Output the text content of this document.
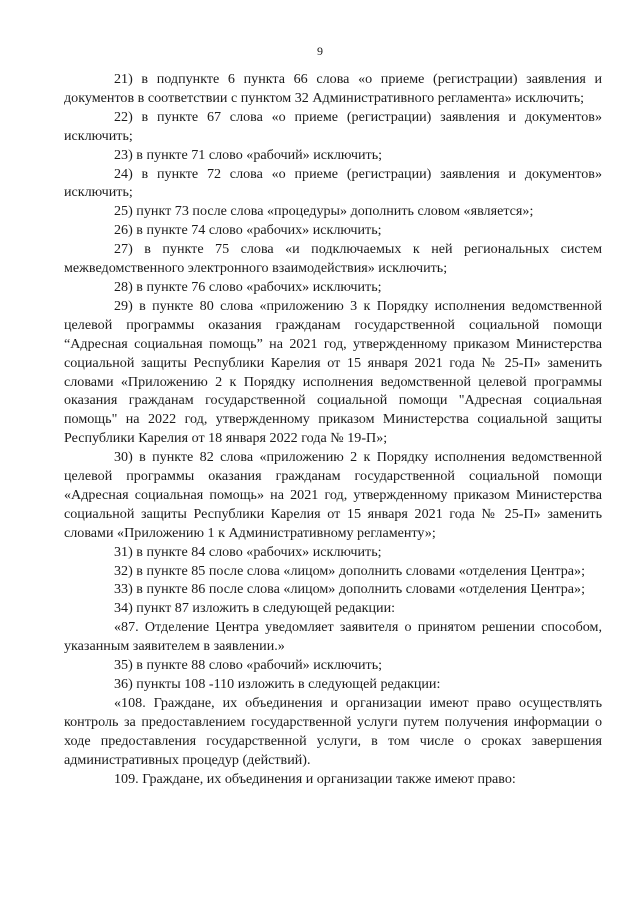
9

21) в подпункте 6 пункта 66 слова «о приеме (регистрации) заявления и документов в соответствии с пунктом 32 Административного регламента» исключить;

22) в пункте 67 слова «о приеме (регистрации) заявления и документов» исключить;

23) в пункте 71 слово «рабочий» исключить;

24) в пункте 72 слова «о приеме (регистрации) заявления и документов» исключить;

25) пункт 73 после слова «процедуры» дополнить словом «является»;

26) в пункте 74 слово «рабочих» исключить;

27) в пункте 75 слова «и подключаемых к ней региональных систем межведомственного электронного взаимодействия» исключить;

28) в пункте 76 слово «рабочих» исключить;

29) в пункте 80 слова «приложению 3 к Порядку исполнения ведомственной целевой программы оказания гражданам государственной социальной помощи “Адресная социальная помощь” на 2021 год, утвержденному приказом Министерства социальной защиты Республики Карелия от 15 января 2021 года № 25-П» заменить словами «Приложению 2 к Порядку исполнения ведомственной целевой программы оказания гражданам государственной социальной помощи "Адресная социальная помощь" на 2022 год, утвержденному приказом Министерства социальной защиты Республики Карелия от 18 января 2022 года № 19-П»;

30) в пункте 82 слова «приложению 2 к Порядку исполнения ведомственной целевой программы оказания гражданам государственной социальной помощи «Адресная социальная помощь» на 2021 год, утвержденному приказом Министерства социальной защиты Республики Карелия от 15 января 2021 года № 25-П» заменить словами «Приложению 1 к Административному регламенту»;

31) в пункте 84 слово «рабочих» исключить;

32) в пункте 85 после слова «лицом» дополнить словами «отделения Центра»;

33) в пункте 86 после слова «лицом» дополнить словами «отделения Центра»;

34) пункт 87 изложить в следующей редакции:

«87. Отделение Центра уведомляет заявителя о принятом решении способом, указанным заявителем в заявлении.»

35) в пункте 88 слово «рабочий» исключить;

36) пункты 108 -110 изложить в следующей редакции:

«108. Граждане, их объединения и организации имеют право осуществлять контроль за предоставлением государственной услуги путем получения информации о ходе предоставления государственной услуги, в том числе о сроках завершения административных процедур (действий).

109. Граждане, их объединения и организации также имеют право:
